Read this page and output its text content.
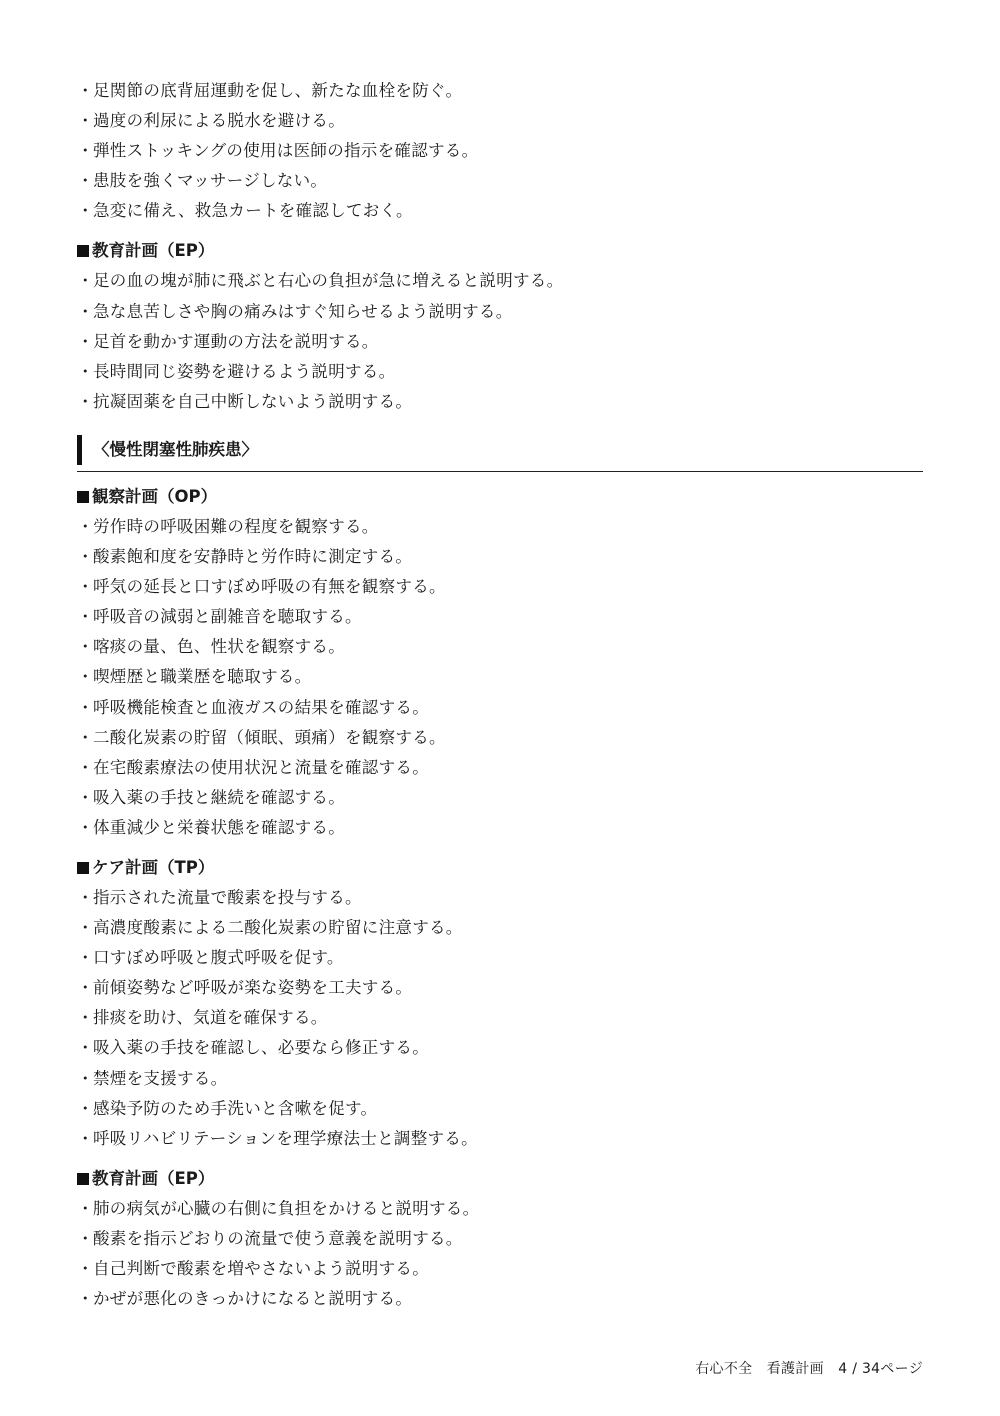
・足関節の底背屈運動を促し、新たな血栓を防ぐ。
・過度の利尿による脱水を避ける。
・弾性ストッキングの使用は医師の指示を確認する。
・患肢を強くマッサージしない。
・急変に備え、救急カートを確認しておく。
教育計画（EP）
・足の血の塊が肺に飛ぶと右心の負担が急に増えると説明する。
・急な息苦しさや胸の痛みはすぐ知らせるよう説明する。
・足首を動かす運動の方法を説明する。
・長時間同じ姿勢を避けるよう説明する。
・抗凝固薬を自己中断しないよう説明する。
〈慢性閉塞性肺疾患〉
観察計画（OP）
・労作時の呼吸困難の程度を観察する。
・酸素飽和度を安静時と労作時に測定する。
・呼気の延長と口すぼめ呼吸の有無を観察する。
・呼吸音の減弱と副雑音を聴取する。
・喀痰の量、色、性状を観察する。
・喫煙歴と職業歴を聴取する。
・呼吸機能検査と血液ガスの結果を確認する。
・二酸化炭素の貯留（傾眠、頭痛）を観察する。
・在宅酸素療法の使用状況と流量を確認する。
・吸入薬の手技と継続を確認する。
・体重減少と栄養状態を確認する。
ケア計画（TP）
・指示された流量で酸素を投与する。
・高濃度酸素による二酸化炭素の貯留に注意する。
・口すぼめ呼吸と腹式呼吸を促す。
・前傾姿勢など呼吸が楽な姿勢を工夫する。
・排痰を助け、気道を確保する。
・吸入薬の手技を確認し、必要なら修正する。
・禁煙を支援する。
・感染予防のため手洗いと含嗽を促す。
・呼吸リハビリテーションを理学療法士と調整する。
教育計画（EP）
・肺の病気が心臓の右側に負担をかけると説明する。
・酸素を指示どおりの流量で使う意義を説明する。
・自己判断で酸素を増やさないよう説明する。
・かぜが悪化のきっかけになると説明する。
右心不全　看護計画　 4 / 34ページ
